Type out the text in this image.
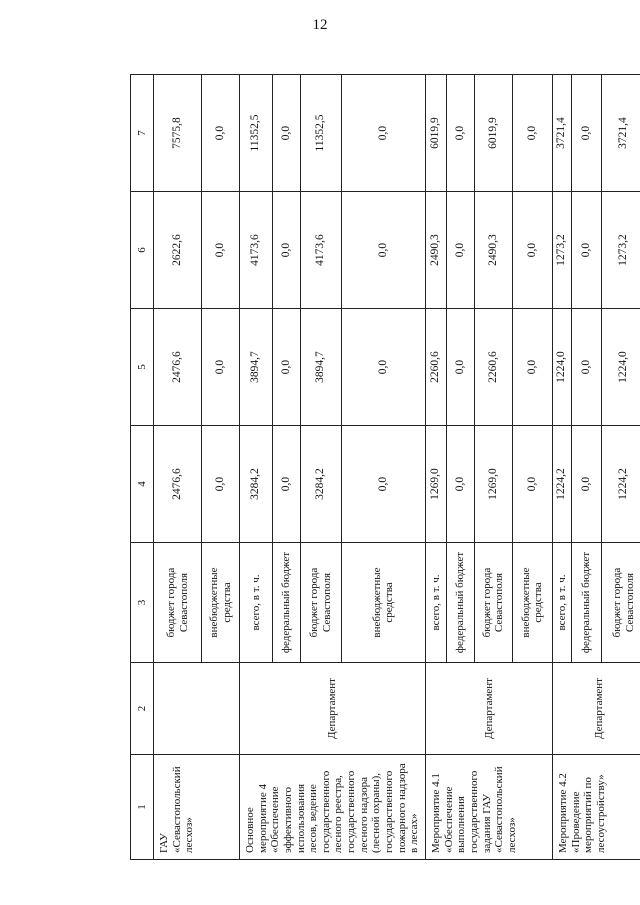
12
1	2	3	4	5	6	7
ГАУ «Севастопольский лесхоз»		бюджет города Севастополя	2476,6	2476,6	2622,6	7575,8
		внебюджетные средства	0,0	0,0	0,0	0,0
Основное мероприятие 4 «Обеспечение эффективного использования лесов, ведение государственного лесного реестра, государственного лесного надзора (лесной охраны), государственного пожарного надзора в лесах»	Департамент	всего, в т. ч.	3284,2	3894,7	4173,6	11352,5
		федеральный бюджет	0,0	0,0	0,0	0,0
		бюджет города Севастополя	3284,2	3894,7	4173,6	11352,5
		внебюджетные средства	0,0	0,0	0,0	0,0
Мероприятие 4.1 «Обеспечение выполнения государственного задания ГАУ «Севастопольский лесхоз»	Департамент	всего, в т. ч.	1269,0	2260,6	2490,3	6019,9
		федеральный бюджет	0,0	0,0	0,0	0,0
		бюджет города Севастополя	1269,0	2260,6	2490,3	6019,9
		внебюджетные средства	0,0	0,0	0,0	0,0
Мероприятие 4.2 «Проведение мероприятий по лесоустройству»	Департамент	всего, в т. ч.	1224,2	1224,0	1273,2	3721,4
		федеральный бюджет	0,0	0,0	0,0	0,0
		бюджет города Севастополя	1224,2	1224,0	1273,2	3721,4
